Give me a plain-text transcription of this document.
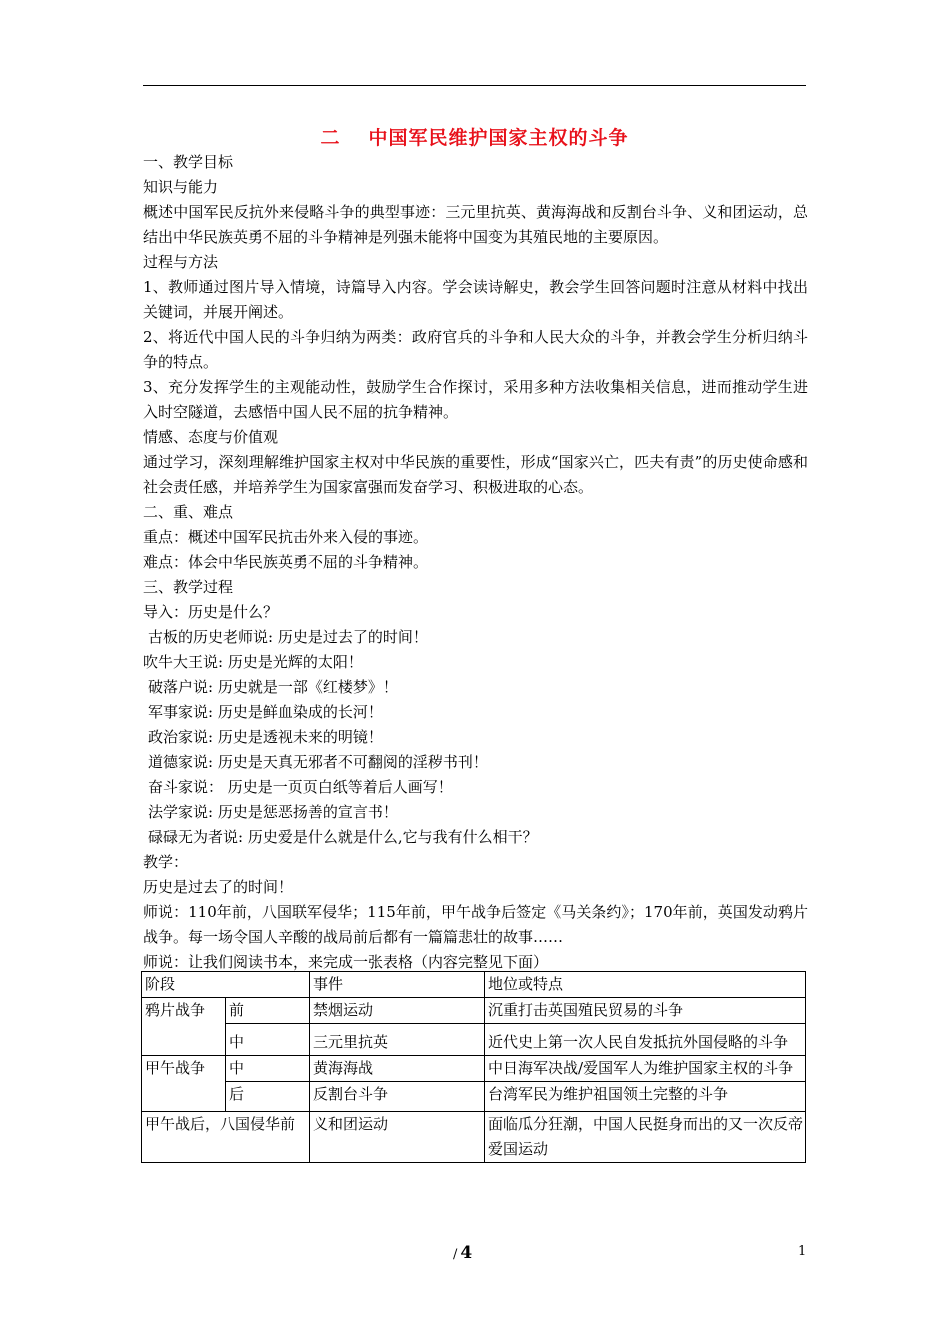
二 中国军民维护国家主权的斗争

一、教学目标

知识与能力

概述中国军民反抗外来侵略斗争的典型事迹：三元里抗英、黄海海战和反割台斗争、义和团运动，总结出中华民族英勇不屈的斗争精神是列强未能将中国变为其殖民地的主要原因。

过程与方法

1、教师通过图片导入情境，诗篇导入内容。学会读诗解史，教会学生回答问题时注意从材料中找出关键词，并展开阐述。

2、将近代中国人民的斗争归纳为两类：政府官兵的斗争和人民大众的斗争，并教会学生分析归纳斗争的特点。

3、充分发挥学生的主观能动性，鼓励学生合作探讨，采用多种方法收集相关信息，进而推动学生进入时空隧道，去感悟中国人民不屈的抗争精神。

情感、态度与价值观

通过学习，深刻理解维护国家主权对中华民族的重要性，形成“国家兴亡，匹夫有责”的历史使命感和社会责任感，并培养学生为国家富强而发奋学习、积极进取的心态。

二、重、难点

重点：概述中国军民抗击外来入侵的事迹。

难点：体会中华民族英勇不屈的斗争精神。

三、教学过程

导入：历史是什么？

古板的历史老师说: 历史是过去了的时间！

吹牛大王说: 历史是光辉的太阳！

破落户说: 历史就是一部《红楼梦》！

军事家说: 历史是鲜血染成的长河！

政治家说: 历史是透视未来的明镜！

道德家说: 历史是天真无邪者不可翻阅的淫秽书刊！

奋斗家说： 历史是一页页白纸等着后人画写！

法学家说: 历史是惩恶扬善的宣言书！

碌碌无为者说: 历史爱是什么就是什么,它与我有什么相干？

教学：

历史是过去了的时间！

师说：110年前，八国联军侵华；115年前，甲午战争后签定《马关条约》；170年前，英国发动鸦片战争。每一场令国人辛酸的战局前后都有一篇篇悲壮的故事……

师说：让我们阅读书本，来完成一张表格（内容完整见下面）

阶段		事件	地位或特点
鸦片战争	前	禁烟运动	沉重打击英国殖民贸易的斗争
	中	三元里抗英	近代史上第一次人民自发抵抗外国侵略的斗争
甲午战争	中	黄海海战	中日海军决战/爱国军人为维护国家主权的斗争
	后	反割台斗争	台湾军民为维护祖国领土完整的斗争
甲午战后，八国侵华前		义和团运动	面临瓜分狂潮，中国人民挺身而出的又一次反帝爱国运动
/ 4	1
